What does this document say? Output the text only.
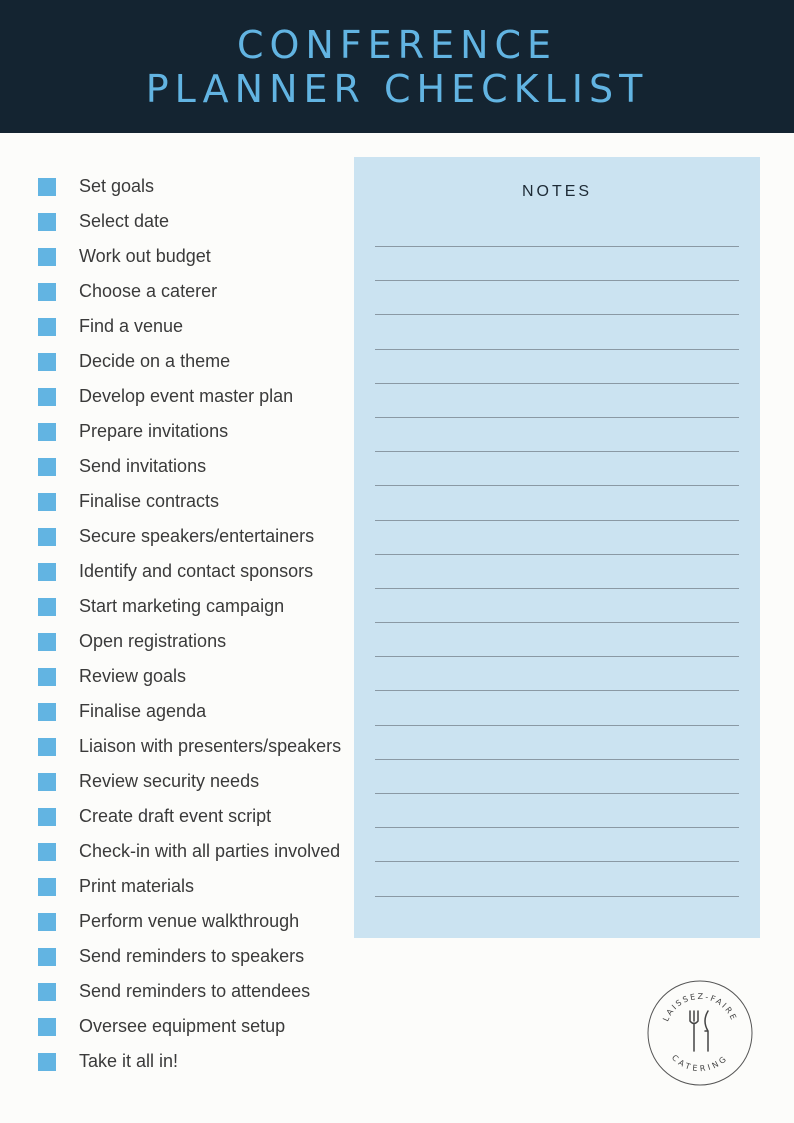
CONFERENCE
PLANNER CHECKLIST
Set goals
Select date
Work out budget
Choose a caterer
Find a venue
Decide on a theme
Develop event master plan
Prepare invitations
Send invitations
Finalise contracts
Secure speakers/entertainers
Identify and contact sponsors
Start marketing campaign
Open registrations
Review goals
Finalise agenda
Liaison with presenters/speakers
Review security needs
Create draft event script
Check-in with all parties involved
Print materials
Perform venue walkthrough
Send reminders to speakers
Send reminders to attendees
Oversee equipment setup
Take it all in!
NOTES
LAISSEZ-FAIRE
CATERING
